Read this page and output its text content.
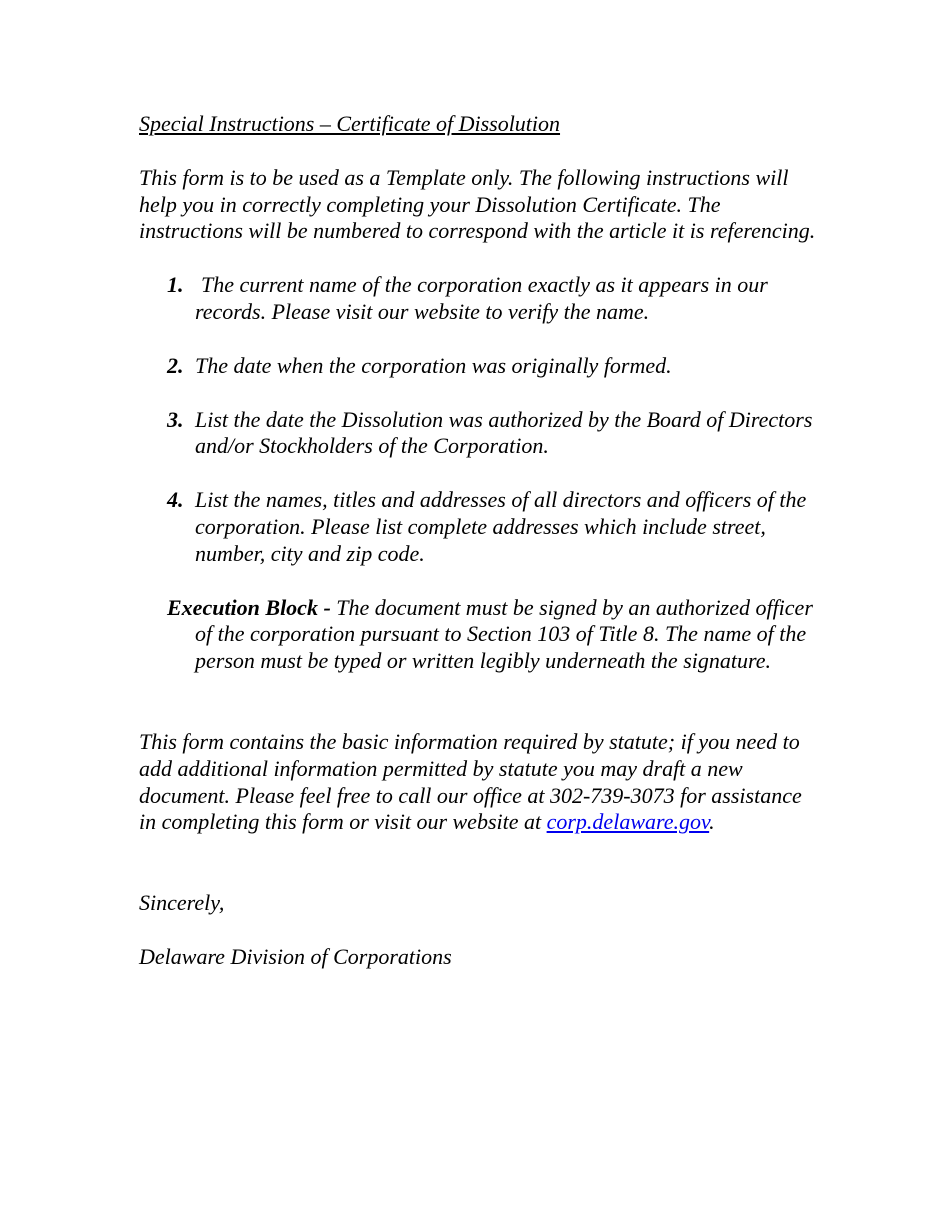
Special Instructions – Certificate of Dissolution

This form is to be used as a Template only. The following instructions will help you in correctly completing your Dissolution Certificate. The instructions will be numbered to correspond with the article it is referencing.

1. The current name of the corporation exactly as it appears in our records. Please visit our website to verify the name.
2. The date when the corporation was originally formed.
3. List the date the Dissolution was authorized by the Board of Directors and/or Stockholders of the Corporation.
4. List the names, titles and addresses of all directors and officers of the corporation. Please list complete addresses which include street, number, city and zip code.

Execution Block - The document must be signed by an authorized officer of the corporation pursuant to Section 103 of Title 8. The name of the person must be typed or written legibly underneath the signature.

This form contains the basic information required by statute; if you need to add additional information permitted by statute you may draft a new document. Please feel free to call our office at 302-739-3073 for assistance in completing this form or visit our website at corp.delaware.gov.

Sincerely,

Delaware Division of Corporations
